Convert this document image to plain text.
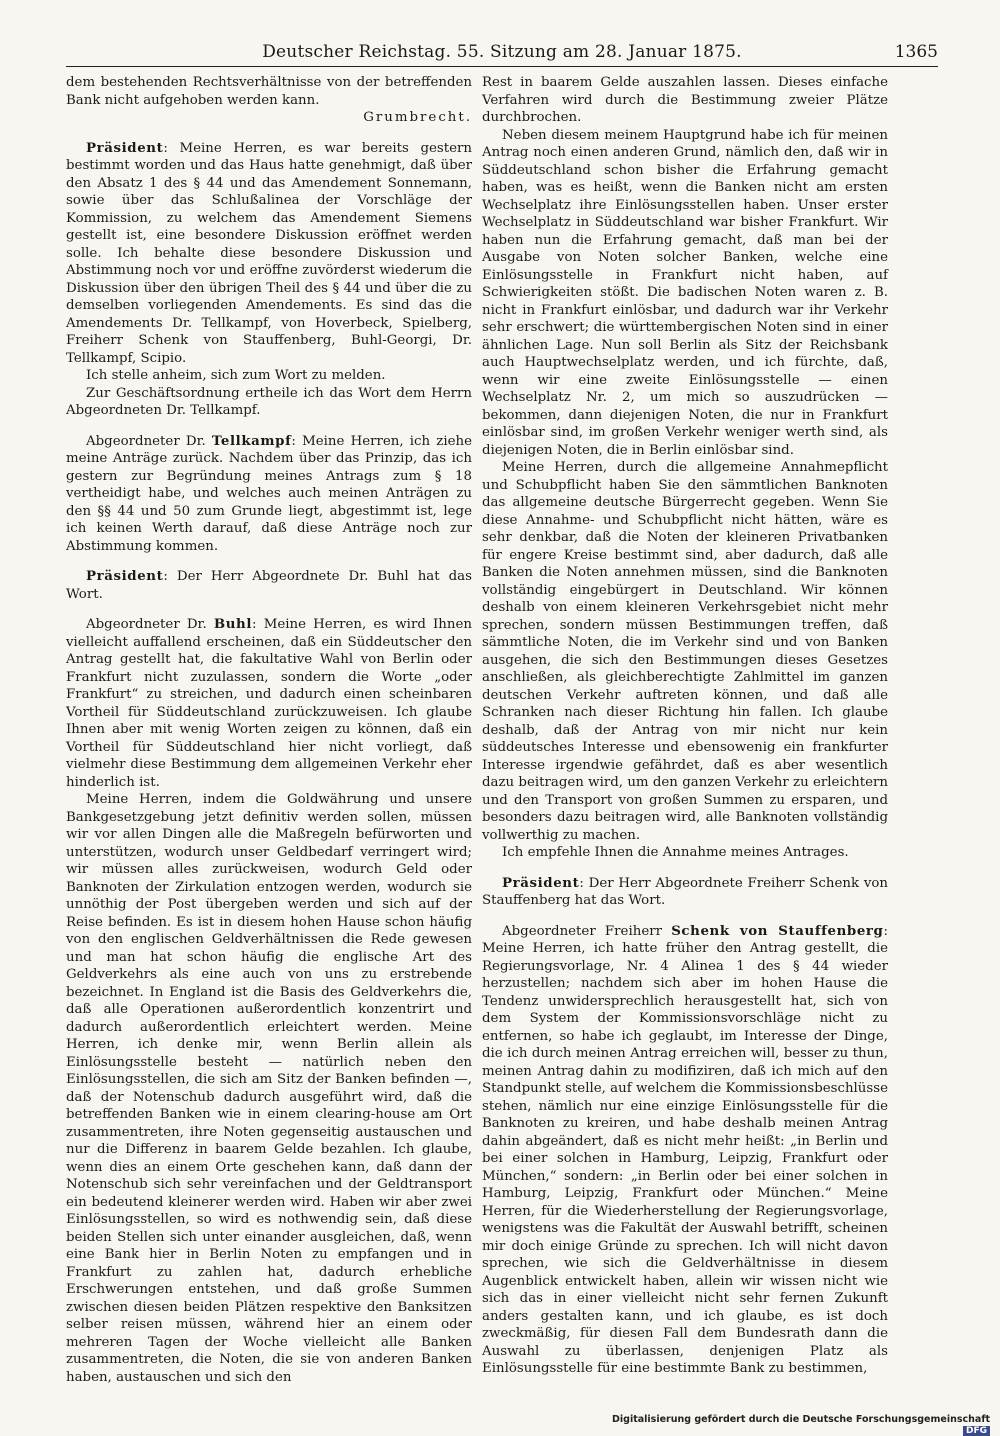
Deutscher Reichstag. 55. Sitzung am 28. Januar 1875.	1365

dem bestehenden Rechtsverhältnisse von der betreffenden Bank nicht aufgehoben werden kann.

Grumbrecht.

Präsident: Meine Herren, es war bereits gestern bestimmt worden und das Haus hatte genehmigt, daß über den Absatz 1 des § 44 und das Amendement Sonnemann, sowie über das Schlußalinea der Vorschläge der Kommission, zu welchem das Amendement Siemens gestellt ist, eine besondere Diskussion eröffnet werden solle. Ich behalte diese besondere Diskussion und Abstimmung noch vor und eröffne zuvörderst wiederum die Diskussion über den übrigen Theil des § 44 und über die zu demselben vorliegenden Amendements. Es sind das die Amendements Dr. Tellkampf, von Hoverbeck, Spielberg, Freiherr Schenk von Stauffenberg, Buhl-Georgi, Dr. Tellkampf, Scipio.

Ich stelle anheim, sich zum Wort zu melden.

Zur Geschäftsordnung ertheile ich das Wort dem Herrn Abgeordneten Dr. Tellkampf.

Abgeordneter Dr. Tellkampf: Meine Herren, ich ziehe meine Anträge zurück. Nachdem über das Prinzip, das ich gestern zur Begründung meines Antrags zum § 18 vertheidigt habe, und welches auch meinen Anträgen zu den §§ 44 und 50 zum Grunde liegt, abgestimmt ist, lege ich keinen Werth darauf, daß diese Anträge noch zur Abstimmung kommen.

Präsident: Der Herr Abgeordnete Dr. Buhl hat das Wort.

Abgeordneter Dr. Buhl: Meine Herren, es wird Ihnen vielleicht auffallend erscheinen, daß ein Süddeutscher den Antrag gestellt hat, die fakultative Wahl von Berlin oder Frankfurt nicht zuzulassen, sondern die Worte „oder Frankfurt“ zu streichen, und dadurch einen scheinbaren Vortheil für Süddeutschland zurückzuweisen. Ich glaube Ihnen aber mit wenig Worten zeigen zu können, daß ein Vortheil für Süddeutschland hier nicht vorliegt, daß vielmehr diese Bestimmung dem allgemeinen Verkehr eher hinderlich ist.

Meine Herren, indem die Goldwährung und unsere Bankgesetzgebung jetzt definitiv werden sollen, müssen wir vor allen Dingen alle die Maßregeln befürworten und unterstützen, wodurch unser Geldbedarf verringert wird; wir müssen alles zurückweisen, wodurch Geld oder Banknoten der Zirkulation entzogen werden, wodurch sie unnöthig der Post übergeben werden und sich auf der Reise befinden. Es ist in diesem hohen Hause schon häufig von den englischen Geldverhältnissen die Rede gewesen und man hat schon häufig die englische Art des Geldverkehrs als eine auch von uns zu erstrebende bezeichnet. In England ist die Basis des Geldverkehrs die, daß alle Operationen außerordentlich konzentrirt und dadurch außerordentlich erleichtert werden. Meine Herren, ich denke mir, wenn Berlin allein als Einlösungsstelle besteht — natürlich neben den Einlösungsstellen, die sich am Sitz der Banken befinden —, daß der Notenschub dadurch ausgeführt wird, daß die betreffenden Banken wie in einem clearing-house am Ort zusammentreten, ihre Noten gegenseitig austauschen und nur die Differenz in baarem Gelde bezahlen. Ich glaube, wenn dies an einem Orte geschehen kann, daß dann der Notenschub sich sehr vereinfachen und der Geldtransport ein bedeutend kleinerer werden wird. Haben wir aber zwei Einlösungsstellen, so wird es nothwendig sein, daß diese beiden Stellen sich unter einander ausgleichen, daß, wenn eine Bank hier in Berlin Noten zu empfangen und in Frankfurt zu zahlen hat, dadurch erhebliche Erschwerungen entstehen, und daß große Summen zwischen diesen beiden Plätzen respektive den Banksitzen selber reisen müssen, während hier an einem oder mehreren Tagen der Woche vielleicht alle Banken zusammentreten, die Noten, die sie von anderen Banken haben, austauschen und sich den

Rest in baarem Gelde auszahlen lassen. Dieses einfache Verfahren wird durch die Bestimmung zweier Plätze durchbrochen.

Neben diesem meinem Hauptgrund habe ich für meinen Antrag noch einen anderen Grund, nämlich den, daß wir in Süddeutschland schon bisher die Erfahrung gemacht haben, was es heißt, wenn die Banken nicht am ersten Wechselplatz ihre Einlösungsstellen haben. Unser erster Wechselplatz in Süddeutschland war bisher Frankfurt. Wir haben nun die Erfahrung gemacht, daß man bei der Ausgabe von Noten solcher Banken, welche eine Einlösungsstelle in Frankfurt nicht haben, auf Schwierigkeiten stößt. Die badischen Noten waren z. B. nicht in Frankfurt einlösbar, und dadurch war ihr Verkehr sehr erschwert; die württembergischen Noten sind in einer ähnlichen Lage. Nun soll Berlin als Sitz der Reichsbank auch Hauptwechselplatz werden, und ich fürchte, daß, wenn wir eine zweite Einlösungsstelle — einen Wechselplatz Nr. 2, um mich so auszudrücken — bekommen, dann diejenigen Noten, die nur in Frankfurt einlösbar sind, im großen Verkehr weniger werth sind, als diejenigen Noten, die in Berlin einlösbar sind.

Meine Herren, durch die allgemeine Annahmepflicht und Schubpflicht haben Sie den sämmtlichen Banknoten das allgemeine deutsche Bürgerrecht gegeben. Wenn Sie diese Annahme- und Schubpflicht nicht hätten, wäre es sehr denkbar, daß die Noten der kleineren Privatbanken für engere Kreise bestimmt sind, aber dadurch, daß alle Banken die Noten annehmen müssen, sind die Banknoten vollständig eingebürgert in Deutschland. Wir können deshalb von einem kleineren Verkehrsgebiet nicht mehr sprechen, sondern müssen Bestimmungen treffen, daß sämmtliche Noten, die im Verkehr sind und von Banken ausgehen, die sich den Bestimmungen dieses Gesetzes anschließen, als gleichberechtigte Zahlmittel im ganzen deutschen Verkehr auftreten können, und daß alle Schranken nach dieser Richtung hin fallen. Ich glaube deshalb, daß der Antrag von mir nicht nur kein süddeutsches Interesse und ebensowenig ein frankfurter Interesse irgendwie gefährdet, daß es aber wesentlich dazu beitragen wird, um den ganzen Verkehr zu erleichtern und den Transport von großen Summen zu ersparen, und besonders dazu beitragen wird, alle Banknoten vollständig vollwerthig zu machen.

Ich empfehle Ihnen die Annahme meines Antrages.

Präsident: Der Herr Abgeordnete Freiherr Schenk von Stauffenberg hat das Wort.

Abgeordneter Freiherr Schenk von Stauffenberg: Meine Herren, ich hatte früher den Antrag gestellt, die Regierungsvorlage, Nr. 4 Alinea 1 des § 44 wieder herzustellen; nachdem sich aber im hohen Hause die Tendenz unwidersprechlich herausgestellt hat, sich von dem System der Kommissionsvorschläge nicht zu entfernen, so habe ich geglaubt, im Interesse der Dinge, die ich durch meinen Antrag erreichen will, besser zu thun, meinen Antrag dahin zu modifiziren, daß ich mich auf den Standpunkt stelle, auf welchem die Kommissionsbeschlüsse stehen, nämlich nur eine einzige Einlösungsstelle für die Banknoten zu kreiren, und habe deshalb meinen Antrag dahin abgeändert, daß es nicht mehr heißt: „in Berlin und bei einer solchen in Hamburg, Leipzig, Frankfurt oder München,“ sondern: „in Berlin oder bei einer solchen in Hamburg, Leipzig, Frankfurt oder München.“ Meine Herren, für die Wiederherstellung der Regierungsvorlage, wenigstens was die Fakultät der Auswahl betrifft, scheinen mir doch einige Gründe zu sprechen. Ich will nicht davon sprechen, wie sich die Geldverhältnisse in diesem Augenblick entwickelt haben, allein wir wissen nicht wie sich das in einer vielleicht nicht sehr fernen Zukunft anders gestalten kann, und ich glaube, es ist doch zweckmäßig, für diesen Fall dem Bundesrath dann die Auswahl zu überlassen, denjenigen Platz als Einlösungsstelle für eine bestimmte Bank zu bestimmen,

Digitalisierung gefördert durch die Deutsche Forschungsgemeinschaft DFG
